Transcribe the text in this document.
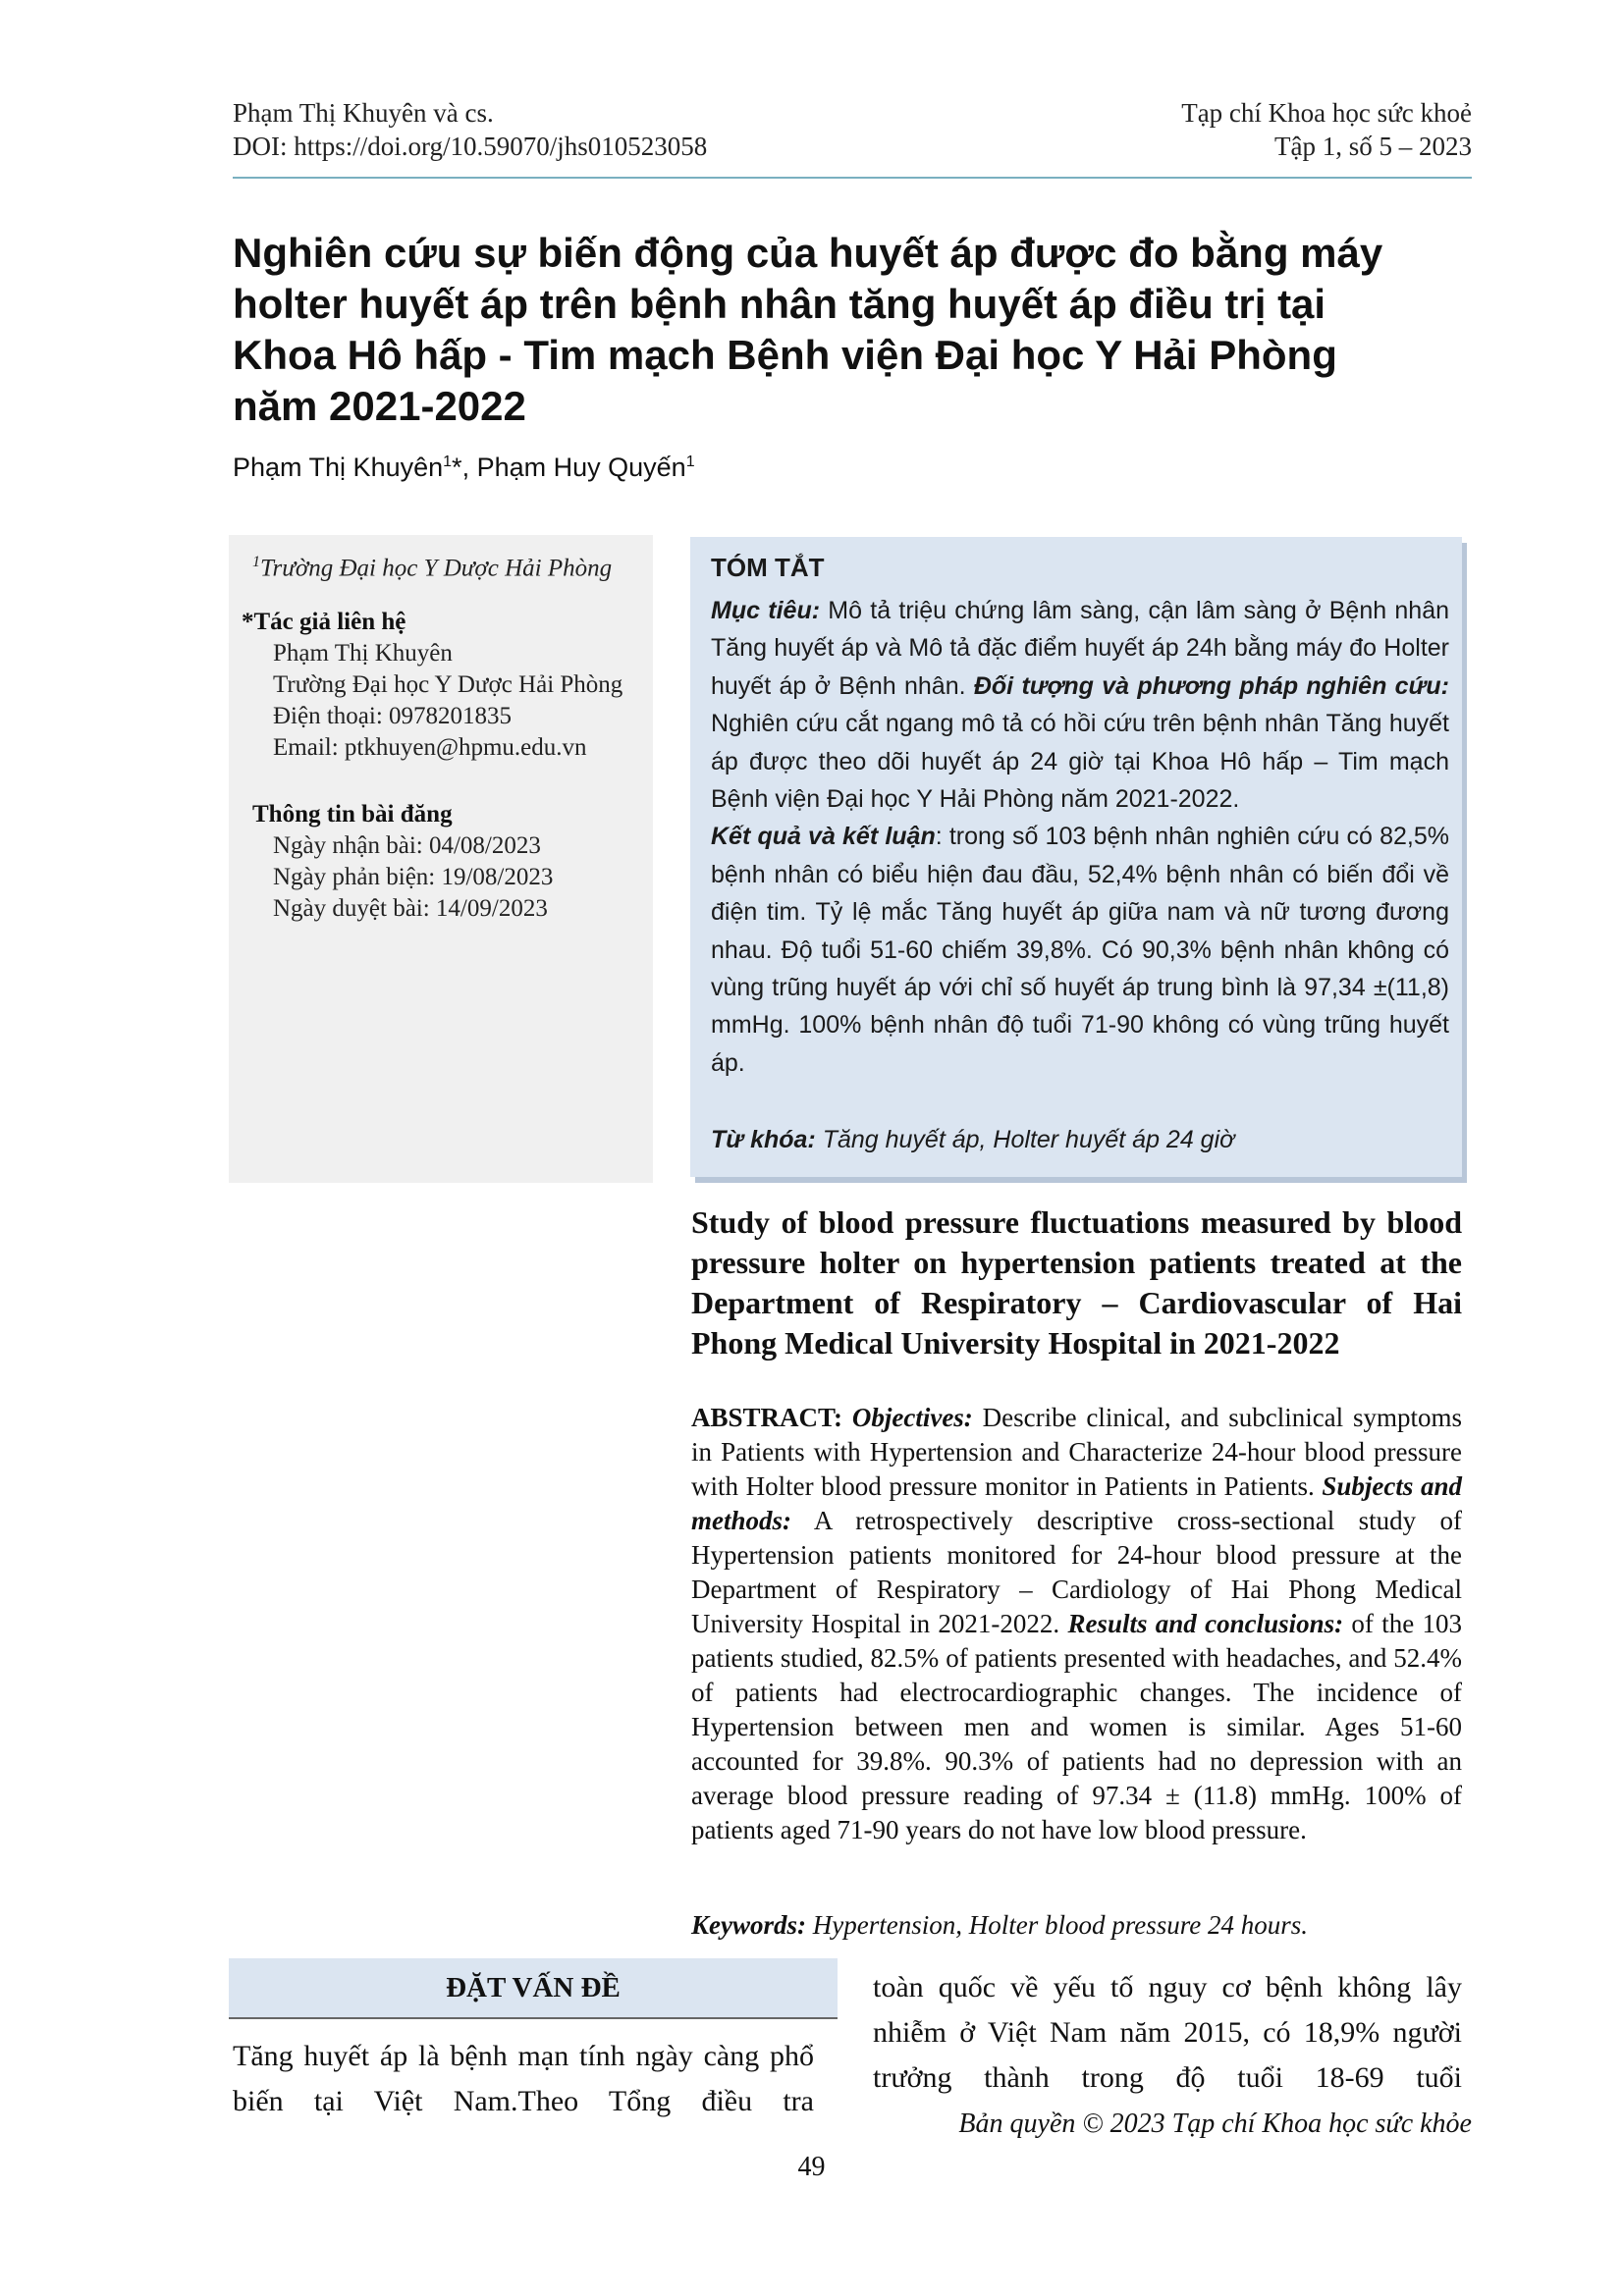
Phạm Thị Khuyên và cs.
DOI: https://doi.org/10.59070/jhs010523058
Tạp chí Khoa học sức khoẻ
Tập 1, số 5 – 2023
Nghiên cứu sự biến động của huyết áp được đo bằng máy
holter huyết áp trên bệnh nhân tăng huyết áp điều trị tại
Khoa Hô hấp - Tim mạch Bệnh viện Đại học Y Hải Phòng
năm 2021-2022
Phạm Thị Khuyên$^1$*, Phạm Huy Quyến$^1$
$^1$Trường Đại học Y Dược Hải Phòng
*Tác giả liên hệ
Phạm Thị Khuyên
Trường Đại học Y Dược Hải Phòng
Điện thoại: 0978201835
Email: ptkhuyen@hpmu.edu.vn
Thông tin bài đăng
Ngày nhận bài: 04/08/2023
Ngày phản biện: 19/08/2023
Ngày duyệt bài: 14/09/2023
TÓM TẮT
Mục tiêu: Mô tả triệu chứng lâm sàng, cận lâm sàng ở Bệnh nhân Tăng huyết áp và Mô tả đặc điểm huyết áp 24h bằng máy đo Holter huyết áp ở Bệnh nhân. Đối tượng và phương pháp nghiên cứu: Nghiên cứu cắt ngang mô tả có hồi cứu trên bệnh nhân Tăng huyết áp được theo dõi huyết áp 24 giờ tại Khoa Hô hấp – Tim mạch Bệnh viện Đại học Y Hải Phòng năm 2021-2022.
Kết quả và kết luận: trong số 103 bệnh nhân nghiên cứu có 82,5% bệnh nhân có biểu hiện đau đầu, 52,4% bệnh nhân có biến đổi về điện tim. Tỷ lệ mắc Tăng huyết áp giữa nam và nữ tương đương nhau. Độ tuổi 51-60 chiếm 39,8%. Có 90,3% bệnh nhân không có vùng trũng huyết áp với chỉ số huyết áp trung bình là 97,34 ±(11,8) mmHg. 100% bệnh nhân độ tuổi 71-90 không có vùng trũng huyết áp.
Từ khóa: Tăng huyết áp, Holter huyết áp 24 giờ
Study of blood pressure fluctuations measured by blood pressure holter on hypertension patients treated at the Department of Respiratory – Cardiovascular of Hai Phong Medical University Hospital in 2021-2022
ABSTRACT: Objectives: Describe clinical, and subclinical symptoms in Patients with Hypertension and Characterize 24-hour blood pressure with Holter blood pressure monitor in Patients in Patients. Subjects and methods: A retrospectively descriptive cross-sectional study of Hypertension patients monitored for 24-hour blood pressure at the Department of Respiratory – Cardiology of Hai Phong Medical University Hospital in 2021-2022. Results and conclusions: of the 103 patients studied, 82.5% of patients presented with headaches, and 52.4% of patients had electrocardiographic changes. The incidence of Hypertension between men and women is similar. Ages 51-60 accounted for 39.8%. 90.3% of patients had no depression with an average blood pressure reading of 97.34 ± (11.8) mmHg. 100% of patients aged 71-90 years do not have low blood pressure.
Keywords: Hypertension, Holter blood pressure 24 hours.
ĐẶT VẤN ĐỀ
Tăng huyết áp là bệnh mạn tính ngày càng phổ biến tại Việt Nam.Theo Tổng điều tra
toàn quốc về yếu tố nguy cơ bệnh không lây nhiễm ở Việt Nam năm 2015, có 18,9% người trưởng thành trong độ tuổi 18-69 tuổi
Bản quyền © 2023 Tạp chí Khoa học sức khỏe
49
